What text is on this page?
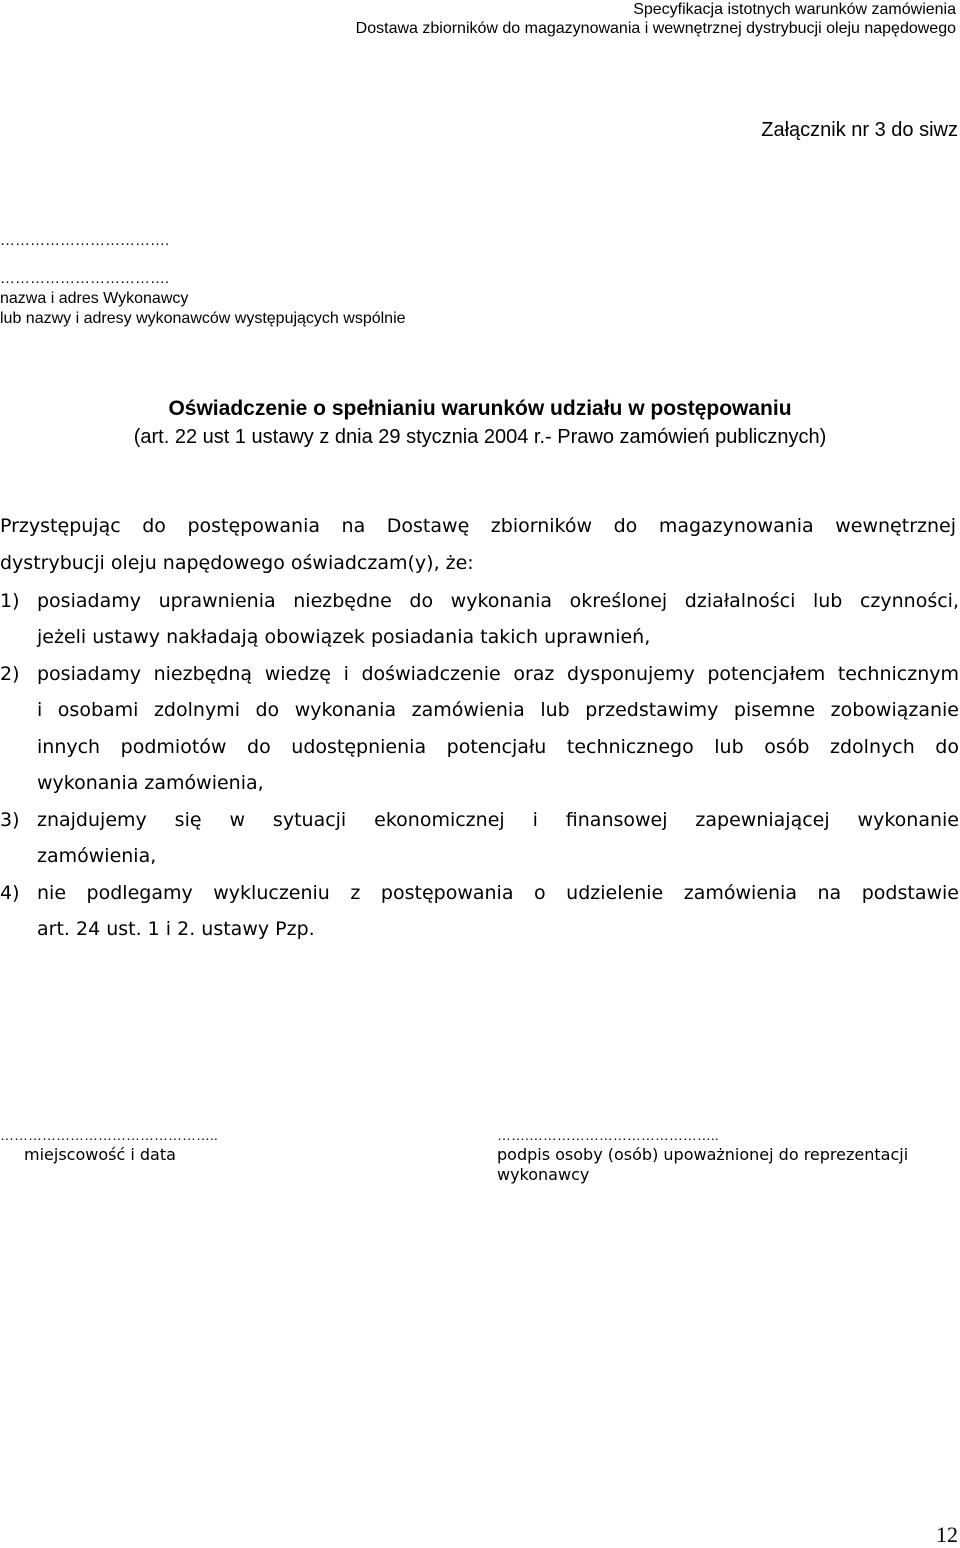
Specyfikacja istotnych warunków zamówienia
Dostawa zbiorników do magazynowania i wewnętrznej dystrybucji oleju napędowego
Załącznik nr 3 do siwz
…………………………….
…………………………….
nazwa i adres Wykonawcy
lub nazwy i adresy wykonawców występujących wspólnie
Oświadczenie o spełnianiu warunków udziału w postępowaniu
(art. 22 ust 1 ustawy z dnia 29 stycznia 2004 r.- Prawo zamówień publicznych)
Przystępując do postępowania na Dostawę zbiorników do magazynowania wewnętrznej
dystrybucji oleju napędowego oświadczam(y), że:
1) posiadamy uprawnienia niezbędne do wykonania określonej działalności lub czynności,
jeżeli ustawy nakładają obowiązek posiadania takich uprawnień,
2) posiadamy niezbędną wiedzę i doświadczenie oraz dysponujemy potencjałem technicznym
i osobami zdolnymi do wykonania zamówienia lub przedstawimy pisemne zobowiązanie
innych podmiotów do udostępnienia potencjału technicznego lub osób zdolnych do
wykonania zamówienia,
3) znajdujemy się w sytuacji ekonomicznej i finansowej zapewniającej wykonanie
zamówienia,
4) nie podlegamy wykluczeniu z postępowania o udzielenie zamówienia na podstawie
art. 24 ust. 1 i 2. ustawy Pzp.
………………………………………..
miejscowość i data
…….…………………………………..
podpis osoby (osób) upoważnionej do reprezentacji wykonawcy
12
